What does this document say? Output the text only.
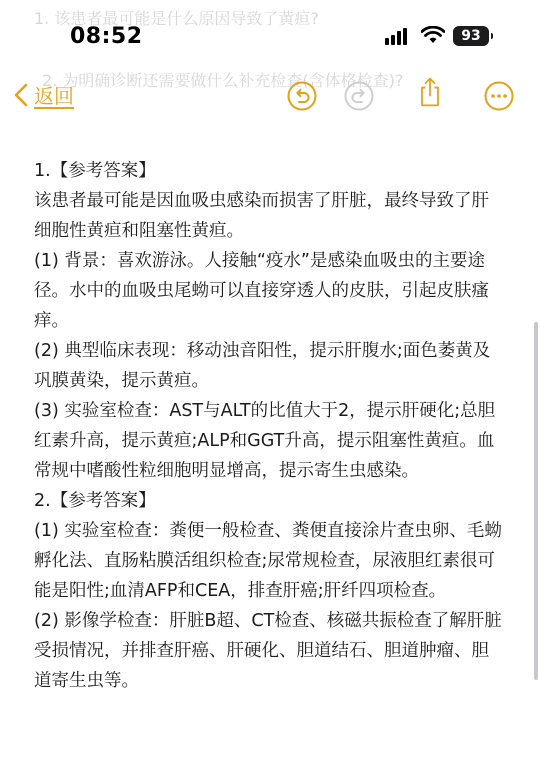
1. 该患者最可能是什么原因导致了黄疸?
2. 为明确诊断还需要做什么补充检查(含体格检查)?
08:52	93
返回

1.【参考答案】

该患者最可能是因血吸虫感染而损害了肝脏，最终导致了肝细胞性黄疸和阻塞性黄疸。

(1) 背景：喜欢游泳。人接触“疫水”是感染血吸虫的主要途径。水中的血吸虫尾蚴可以直接穿透人的皮肤，引起皮肤瘙痒。

(2) 典型临床表现：移动浊音阳性，提示肝腹水;面色萎黄及巩膜黄染，提示黄疸。

(3) 实验室检查：AST与ALT的比值大于2，提示肝硬化;总胆红素升高，提示黄疸;ALP和GGT升高，提示阻塞性黄疸。血常规中嗜酸性粒细胞明显增高，提示寄生虫感染。

2.【参考答案】

(1) 实验室检查：粪便一般检查、粪便直接涂片查虫卵、毛蚴孵化法、直肠粘膜活组织检查;尿常规检查，尿液胆红素很可能是阳性;血清AFP和CEA，排查肝癌;肝纤四项检查。

(2) 影像学检查：肝脏B超、CT检查、核磁共振检查了解肝脏受损情况，并排查肝癌、肝硬化、胆道结石、胆道肿瘤、胆道寄生虫等。
